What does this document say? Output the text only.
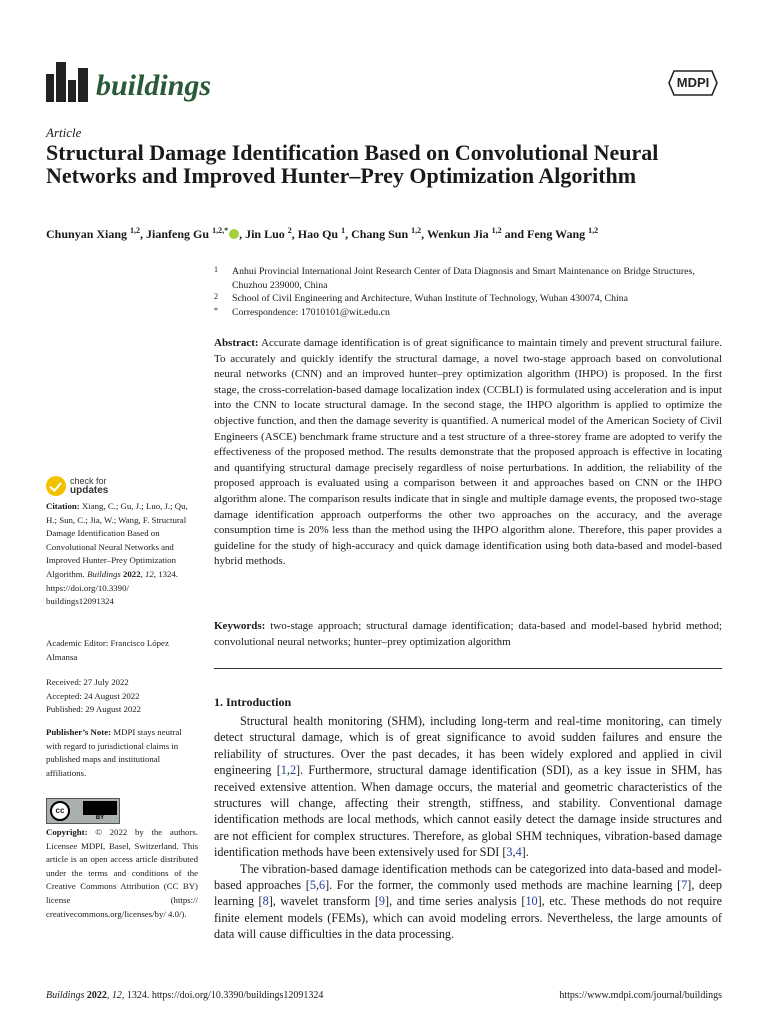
buildings	MDPI
Article
Structural Damage Identification Based on Convolutional Neural Networks and Improved Hunter–Prey Optimization Algorithm
Chunyan Xiang $^{1,2}$, Jianfeng Gu $^{1,2,*}$ , Jin Luo $^2$, Hao Qu $^1$, Chang Sun $^{1,2}$, Wenkun Jia $^{1,2}$ and Feng Wang $^{1,2}$
1 Anhui Provincial International Joint Research Center of Data Diagnosis and Smart Maintenance on Bridge Structures, Chuzhou 239000, China
2 School of Civil Engineering and Architecture, Wuhan Institute of Technology, Wuhan 430074, China
* Correspondence: 17010101@wit.edu.cn
Abstract: Accurate damage identification is of great significance to maintain timely and prevent structural failure. To accurately and quickly identify the structural damage, a novel two-stage approach based on convolutional neural networks (CNN) and an improved hunter–prey optimization algorithm (IHPO) is proposed. In the first stage, the cross-correlation-based damage localization index (CCBLI) is formulated using acceleration and is input into the CNN to locate structural damage. In the second stage, the IHPO algorithm is applied to optimize the objective function, and then the damage severity is quantified. A numerical model of the American Society of Civil Engineers (ASCE) benchmark frame structure and a test structure of a three-storey frame are adopted to verify the effectiveness of the proposed method. The results demonstrate that the proposed approach is effective in locating and quantifying structural damage precisely regardless of noise perturbations. In addition, the reliability of the proposed approach is evaluated using a comparison between it and approaches based on CNN or the IHPO algorithm alone. The comparison results indicate that in single and multiple damage events, the proposed two-stage damage identification approach outperforms the other two approaches on the accuracy, and the average consumption time is 20% less than the method using the IHPO algorithm alone. Therefore, this paper provides a guideline for the study of high-accuracy and quick damage identification using both data-based and model-based hybrid methods.
Keywords: two-stage approach; structural damage identification; data-based and model-based hybrid method; convolutional neural networks; hunter–prey optimization algorithm
1. Introduction

Structural health monitoring (SHM), including long-term and real-time monitoring, can timely detect structural damage, which is of great significance to avoid sudden failures and ensure the reliability of structures. Over the past decades, it has been widely explored and applied in civil engineering [1,2]. Furthermore, structural damage identification (SDI), as a key issue in SHM, has received extensive attention. When damage occurs, the material and geometric characteristics of the structures will change, affecting their strength, stiffness, and stability. Conventional damage identification methods are local methods, which cannot easily detect the damage inside structures and are not efficient for complex structures. Therefore, as global SHM techniques, vibration-based damage identification methods have been extensively used for SDI [3,4].

The vibration-based damage identification methods can be categorized into data-based and model-based approaches [5,6]. For the former, the commonly used methods are machine learning [7], deep learning [8], wavelet transform [9], and time series analysis [10], etc. These methods do not require finite element models (FEMs), which can avoid modeling errors. Nevertheless, the large amounts of data will cause difficulties in the data processing.

check for
updates
Citation: Xiang, C.; Gu, J.; Luo, J.; Qu, H.; Sun, C.; Jia, W.; Wang, F. Structural Damage Identification Based on Convolutional Neural Networks and Improved Hunter–Prey Optimization Algorithm. Buildings 2022, 12, 1324. https://doi.org/10.3390/ buildings12091324
Academic Editor: Francisco López Almansa
Received: 27 July 2022
Accepted: 24 August 2022
Published: 29 August 2022
Publisher’s Note: MDPI stays neutral with regard to jurisdictional claims in published maps and institutional affiliations.
cc
BY
Copyright: © 2022 by the authors. Licensee MDPI, Basel, Switzerland. This article is an open access article distributed under the terms and conditions of the Creative Commons Attribution (CC BY) license (https:// creativecommons.org/licenses/by/ 4.0/).
Buildings 2022, 12, 1324. https://doi.org/10.3390/buildings12091324	https://www.mdpi.com/journal/buildings
